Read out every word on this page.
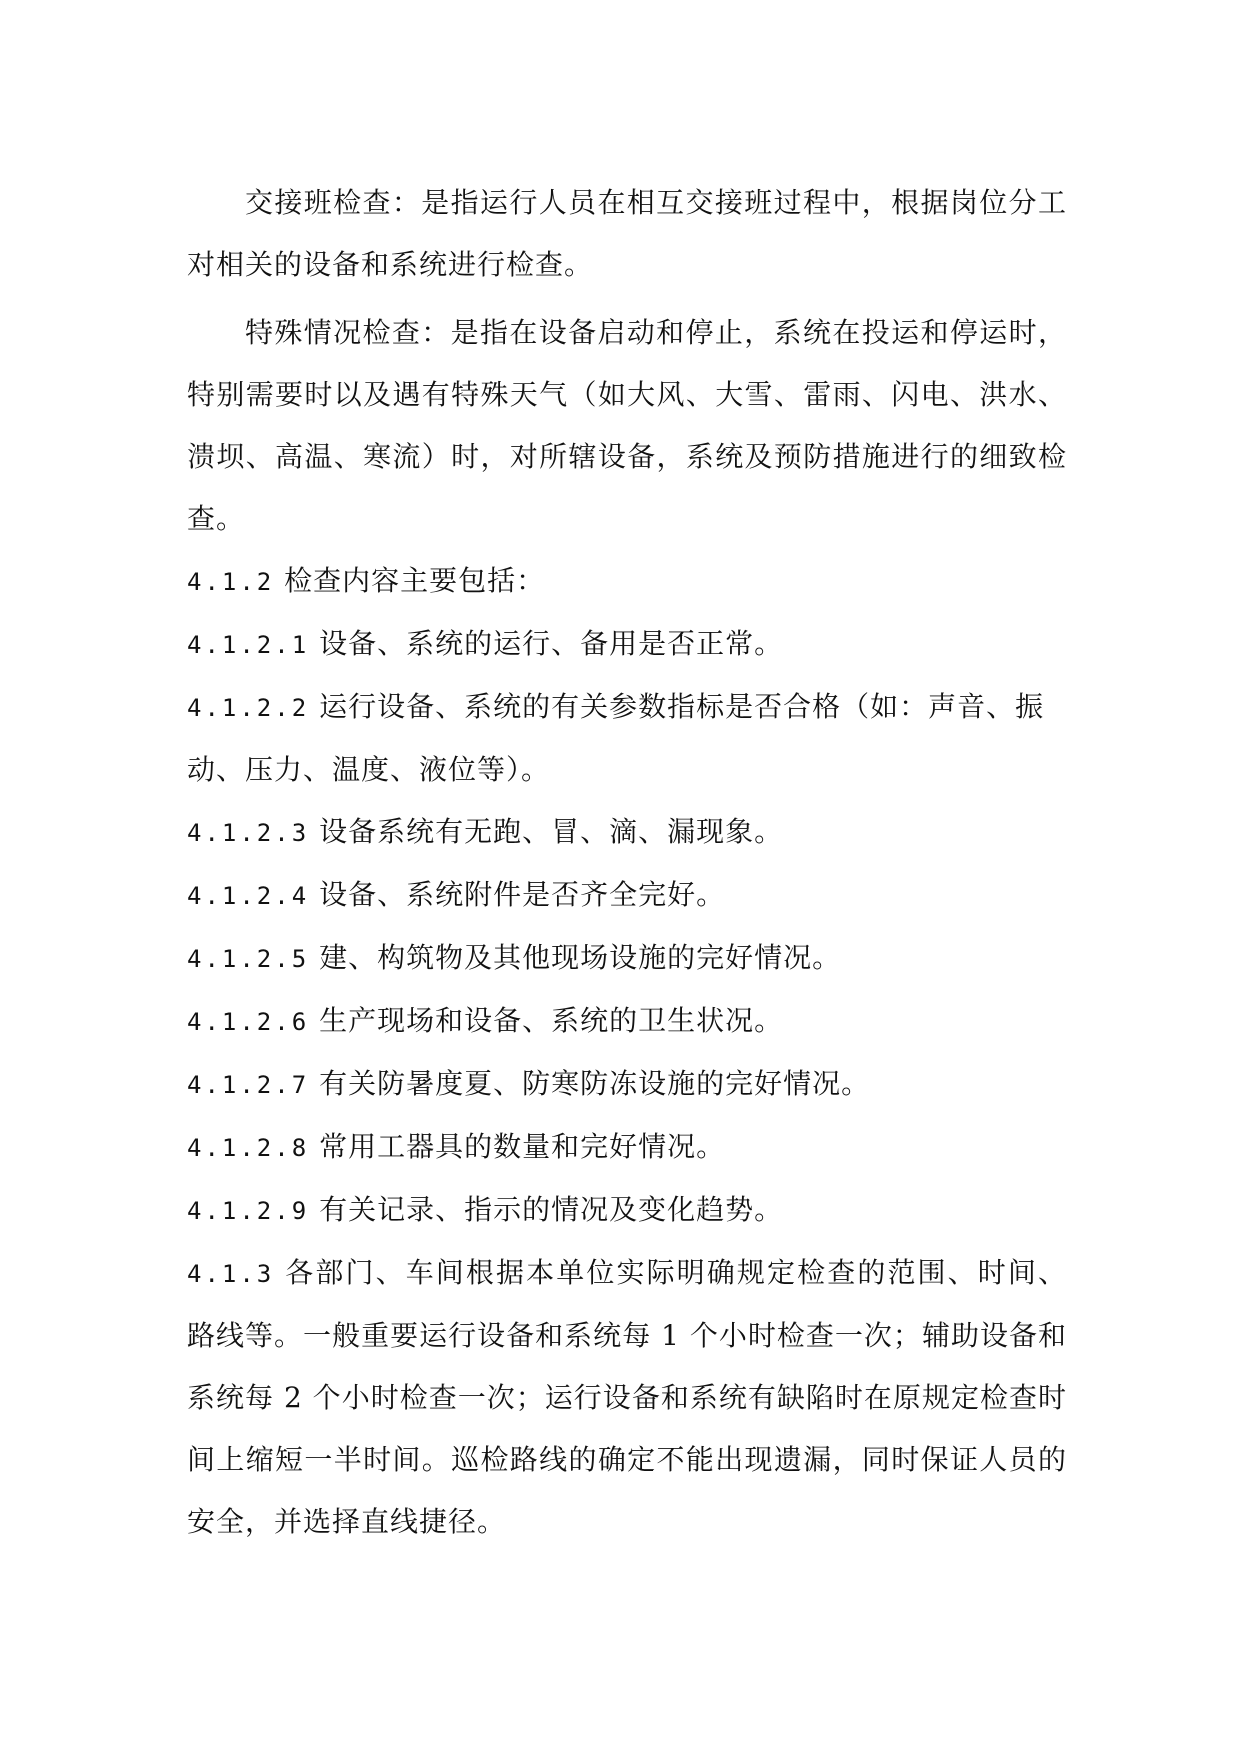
交接班检查：是指运行人员在相互交接班过程中，根据岗位分工对相关的设备和系统进行检查。

特殊情况检查：是指在设备启动和停止，系统在投运和停运时，特别需要时以及遇有特殊天气（如大风、大雪、雷雨、闪电、洪水、溃坝、高温、寒流）时，对所辖设备，系统及预防措施进行的细致检查。

4.1.2 检查内容主要包括：

4.1.2.1 设备、系统的运行、备用是否正常。

4.1.2.2 运行设备、系统的有关参数指标是否合格（如：声音、振动、压力、温度、液位等）。

4.1.2.3 设备系统有无跑、冒、滴、漏现象。

4.1.2.4 设备、系统附件是否齐全完好。

4.1.2.5 建、构筑物及其他现场设施的完好情况。

4.1.2.6 生产现场和设备、系统的卫生状况。

4.1.2.7 有关防暑度夏、防寒防冻设施的完好情况。

4.1.2.8 常用工器具的数量和完好情况。

4.1.2.9 有关记录、指示的情况及变化趋势。

4.1.3 各部门、车间根据本单位实际明确规定检查的范围、时间、路线等。一般重要运行设备和系统每 1 个小时检查一次；辅助设备和系统每 2 个小时检查一次；运行设备和系统有缺陷时在原规定检查时间上缩短一半时间。巡检路线的确定不能出现遗漏，同时保证人员的安全，并选择直线捷径。
